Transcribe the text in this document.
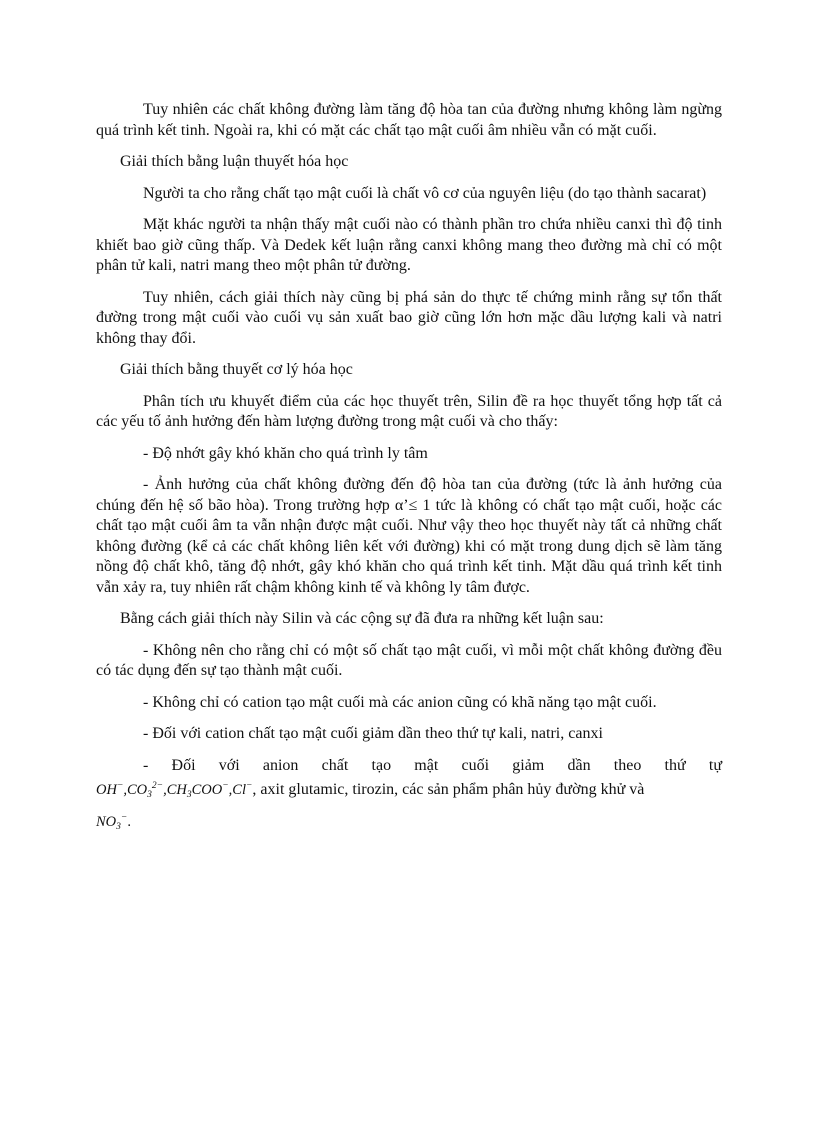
Tuy nhiên các chất không đường làm tăng độ hòa tan của đường nhưng không làm ngừng quá trình kết tinh. Ngoài ra, khi có mặt các chất tạo mật cuối âm nhiều vẫn có mặt cuối.

Giải thích bằng luận thuyết hóa học

Người ta cho rằng chất tạo mật cuối là chất vô cơ của nguyên liệu (do tạo thành sacarat)

Mặt khác người ta nhận thấy mật cuối nào có thành phần tro chứa nhiều canxi thì độ tinh khiết bao giờ cũng thấp. Và Dedek kết luận rằng canxi không mang theo đường mà chỉ có một phân tử kali, natri mang theo một phân tử đường.

Tuy nhiên, cách giải thích này cũng bị phá sản do thực tế chứng minh rằng sự tổn thất đường trong mật cuối vào cuối vụ sản xuất bao giờ cũng lớn hơn mặc dầu lượng kali và natri không thay đổi.

Giải thích bằng thuyết cơ lý hóa học

Phân tích ưu khuyết điểm của các học thuyết trên, Silin đề ra học thuyết tổng hợp tất cả các yếu tố ảnh hưởng đến hàm lượng đường trong mật cuối và cho thấy:

- Độ nhớt gây khó khăn cho quá trình ly tâm

- Ảnh hưởng của chất không đường đến độ hòa tan của đường (tức là ảnh hưởng của chúng đến hệ số bão hòa). Trong trường hợp α’≤ 1 tức là không có chất tạo mật cuối, hoặc các chất tạo mật cuối âm ta vẫn nhận được mật cuối. Như vậy theo học thuyết này tất cả những chất không đường (kể cả các chất không liên kết với đường) khi có mặt trong dung dịch sẽ làm tăng nồng độ chất khô, tăng độ nhớt, gây khó khăn cho quá trình kết tinh. Mặt dầu quá trình kết tinh vẫn xảy ra, tuy nhiên rất chậm không kinh tế và không ly tâm được.

Bằng cách giải thích này Silin và các cộng sự đã đưa ra những kết luận sau:

- Không nên cho rằng chỉ có một số chất tạo mật cuối, vì mỗi một chất không đường đều có tác dụng đến sự tạo thành mật cuối.

- Không chỉ có cation tạo mật cuối mà các anion cũng có khã năng tạo mật cuối.

- Đối với cation chất tạo mật cuối giảm dần theo thứ tự kali, natri, canxi

- Đối với anion chất tạo mật cuối giảm dần theo thứ tự $OH^-,CO_3^{2-},CH_3COO^-,Cl^-$, axit glutamic, tirozin, các sản phẩm phân hủy đường khử và
$NO_3^-$.
